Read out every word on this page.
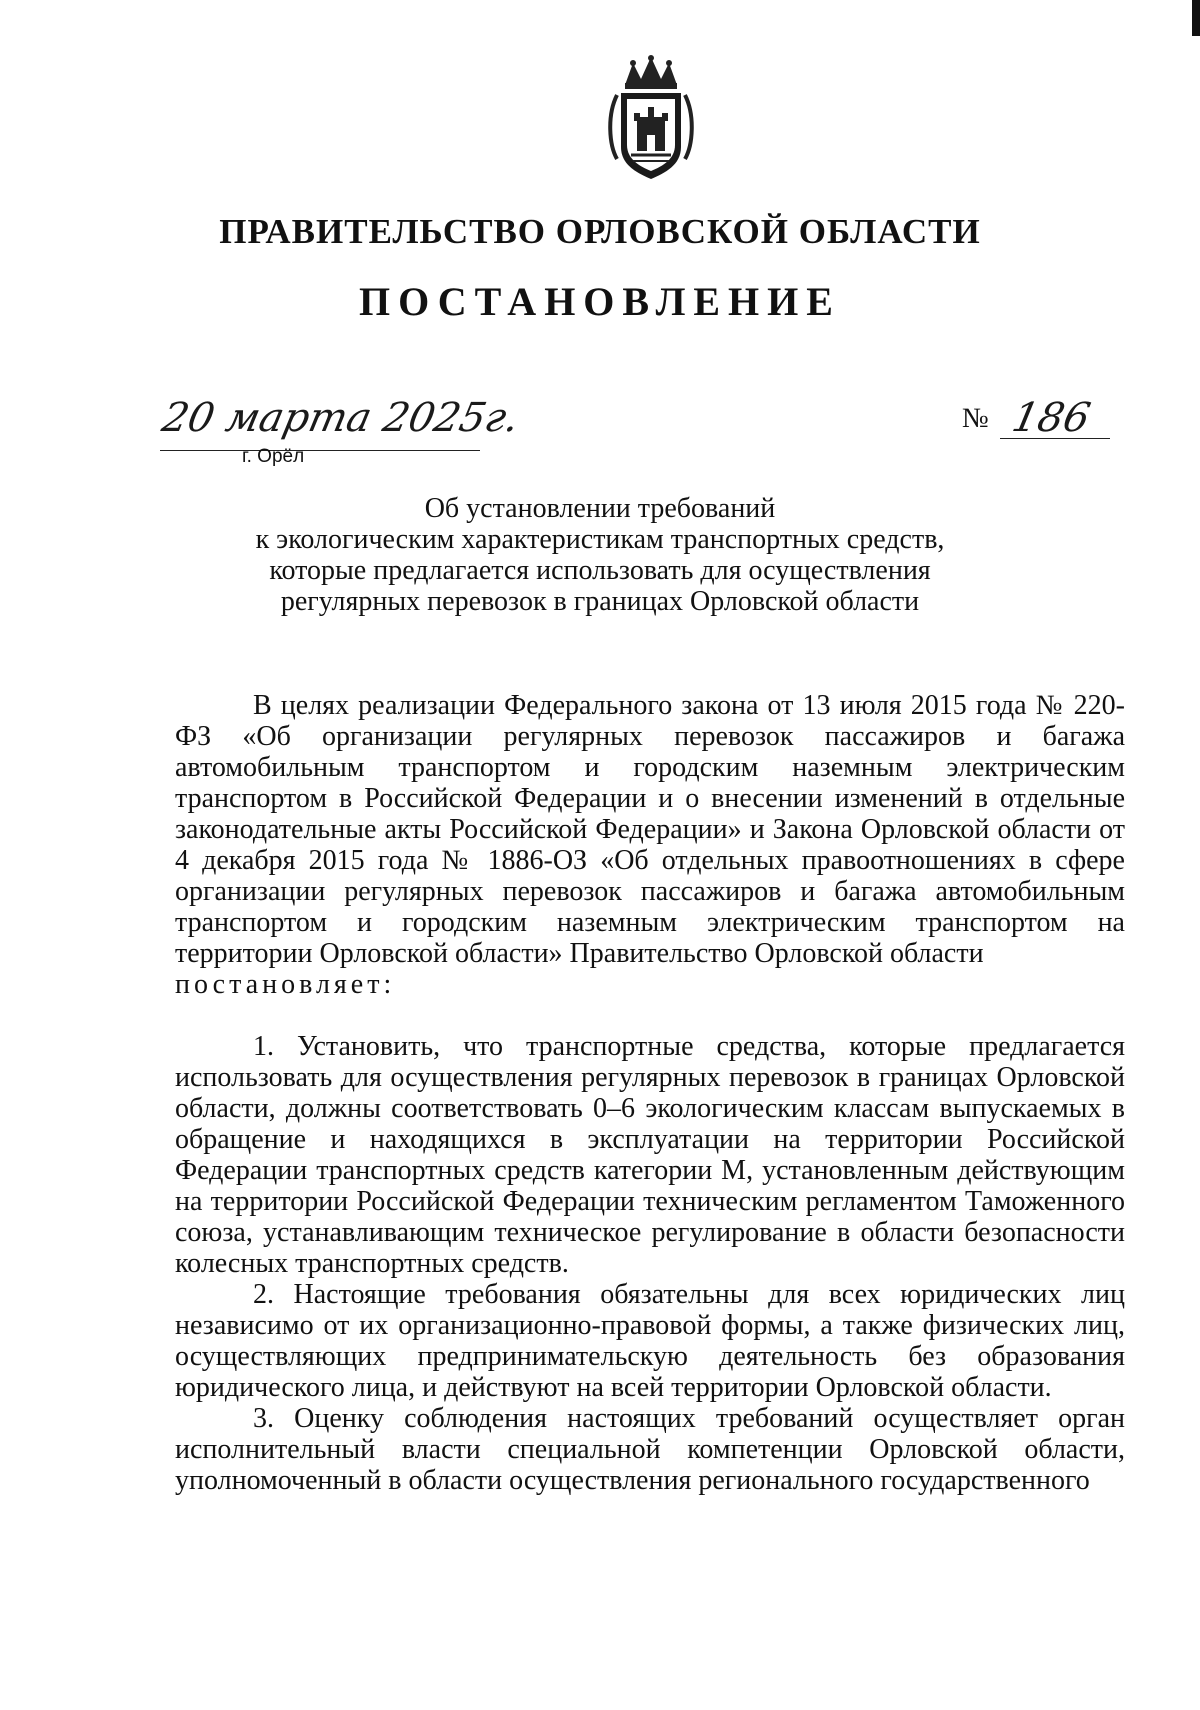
ПРАВИТЕЛЬСТВО ОРЛОВСКОЙ ОБЛАСТИ
ПОСТАНОВЛЕНИЕ
20 марта 2025г.
г. Орёл
№ 186
Об установлении требований
к экологическим характеристикам транспортных средств,
которые предлагается использовать для осуществления
регулярных перевозок в границах Орловской области

В целях реализации Федерального закона от 13 июля 2015 года № 220-ФЗ «Об организации регулярных перевозок пассажиров и багажа автомобильным транспортом и городским наземным электрическим транспортом в Российской Федерации и о внесении изменений в отдельные законодательные акты Российской Федерации» и Закона Орловской области от 4 декабря 2015 года № 1886-ОЗ «Об отдельных правоотношениях в сфере организации регулярных перевозок пассажиров и багажа автомобильным транспортом и городским наземным электрическим транспортом на территории Орловской области» Правительство Орловской области

постановляет:

1. Установить, что транспортные средства, которые предлагается использовать для осуществления регулярных перевозок в границах Орловской области, должны соответствовать 0–6 экологическим классам выпускаемых в обращение и находящихся в эксплуатации на территории Российской Федерации транспортных средств категории М, установленным действующим на территории Российской Федерации техническим регламентом Таможенного союза, устанавливающим техническое регулирование в области безопасности колесных транспортных средств.

2. Настоящие требования обязательны для всех юридических лиц независимо от их организационно-правовой формы, а также физических лиц, осуществляющих предпринимательскую деятельность без образования юридического лица, и действуют на всей территории Орловской области.

3. Оценку соблюдения настоящих требований осуществляет орган исполнительный власти специальной компетенции Орловской области, уполномоченный в области осуществления регионального государственного
